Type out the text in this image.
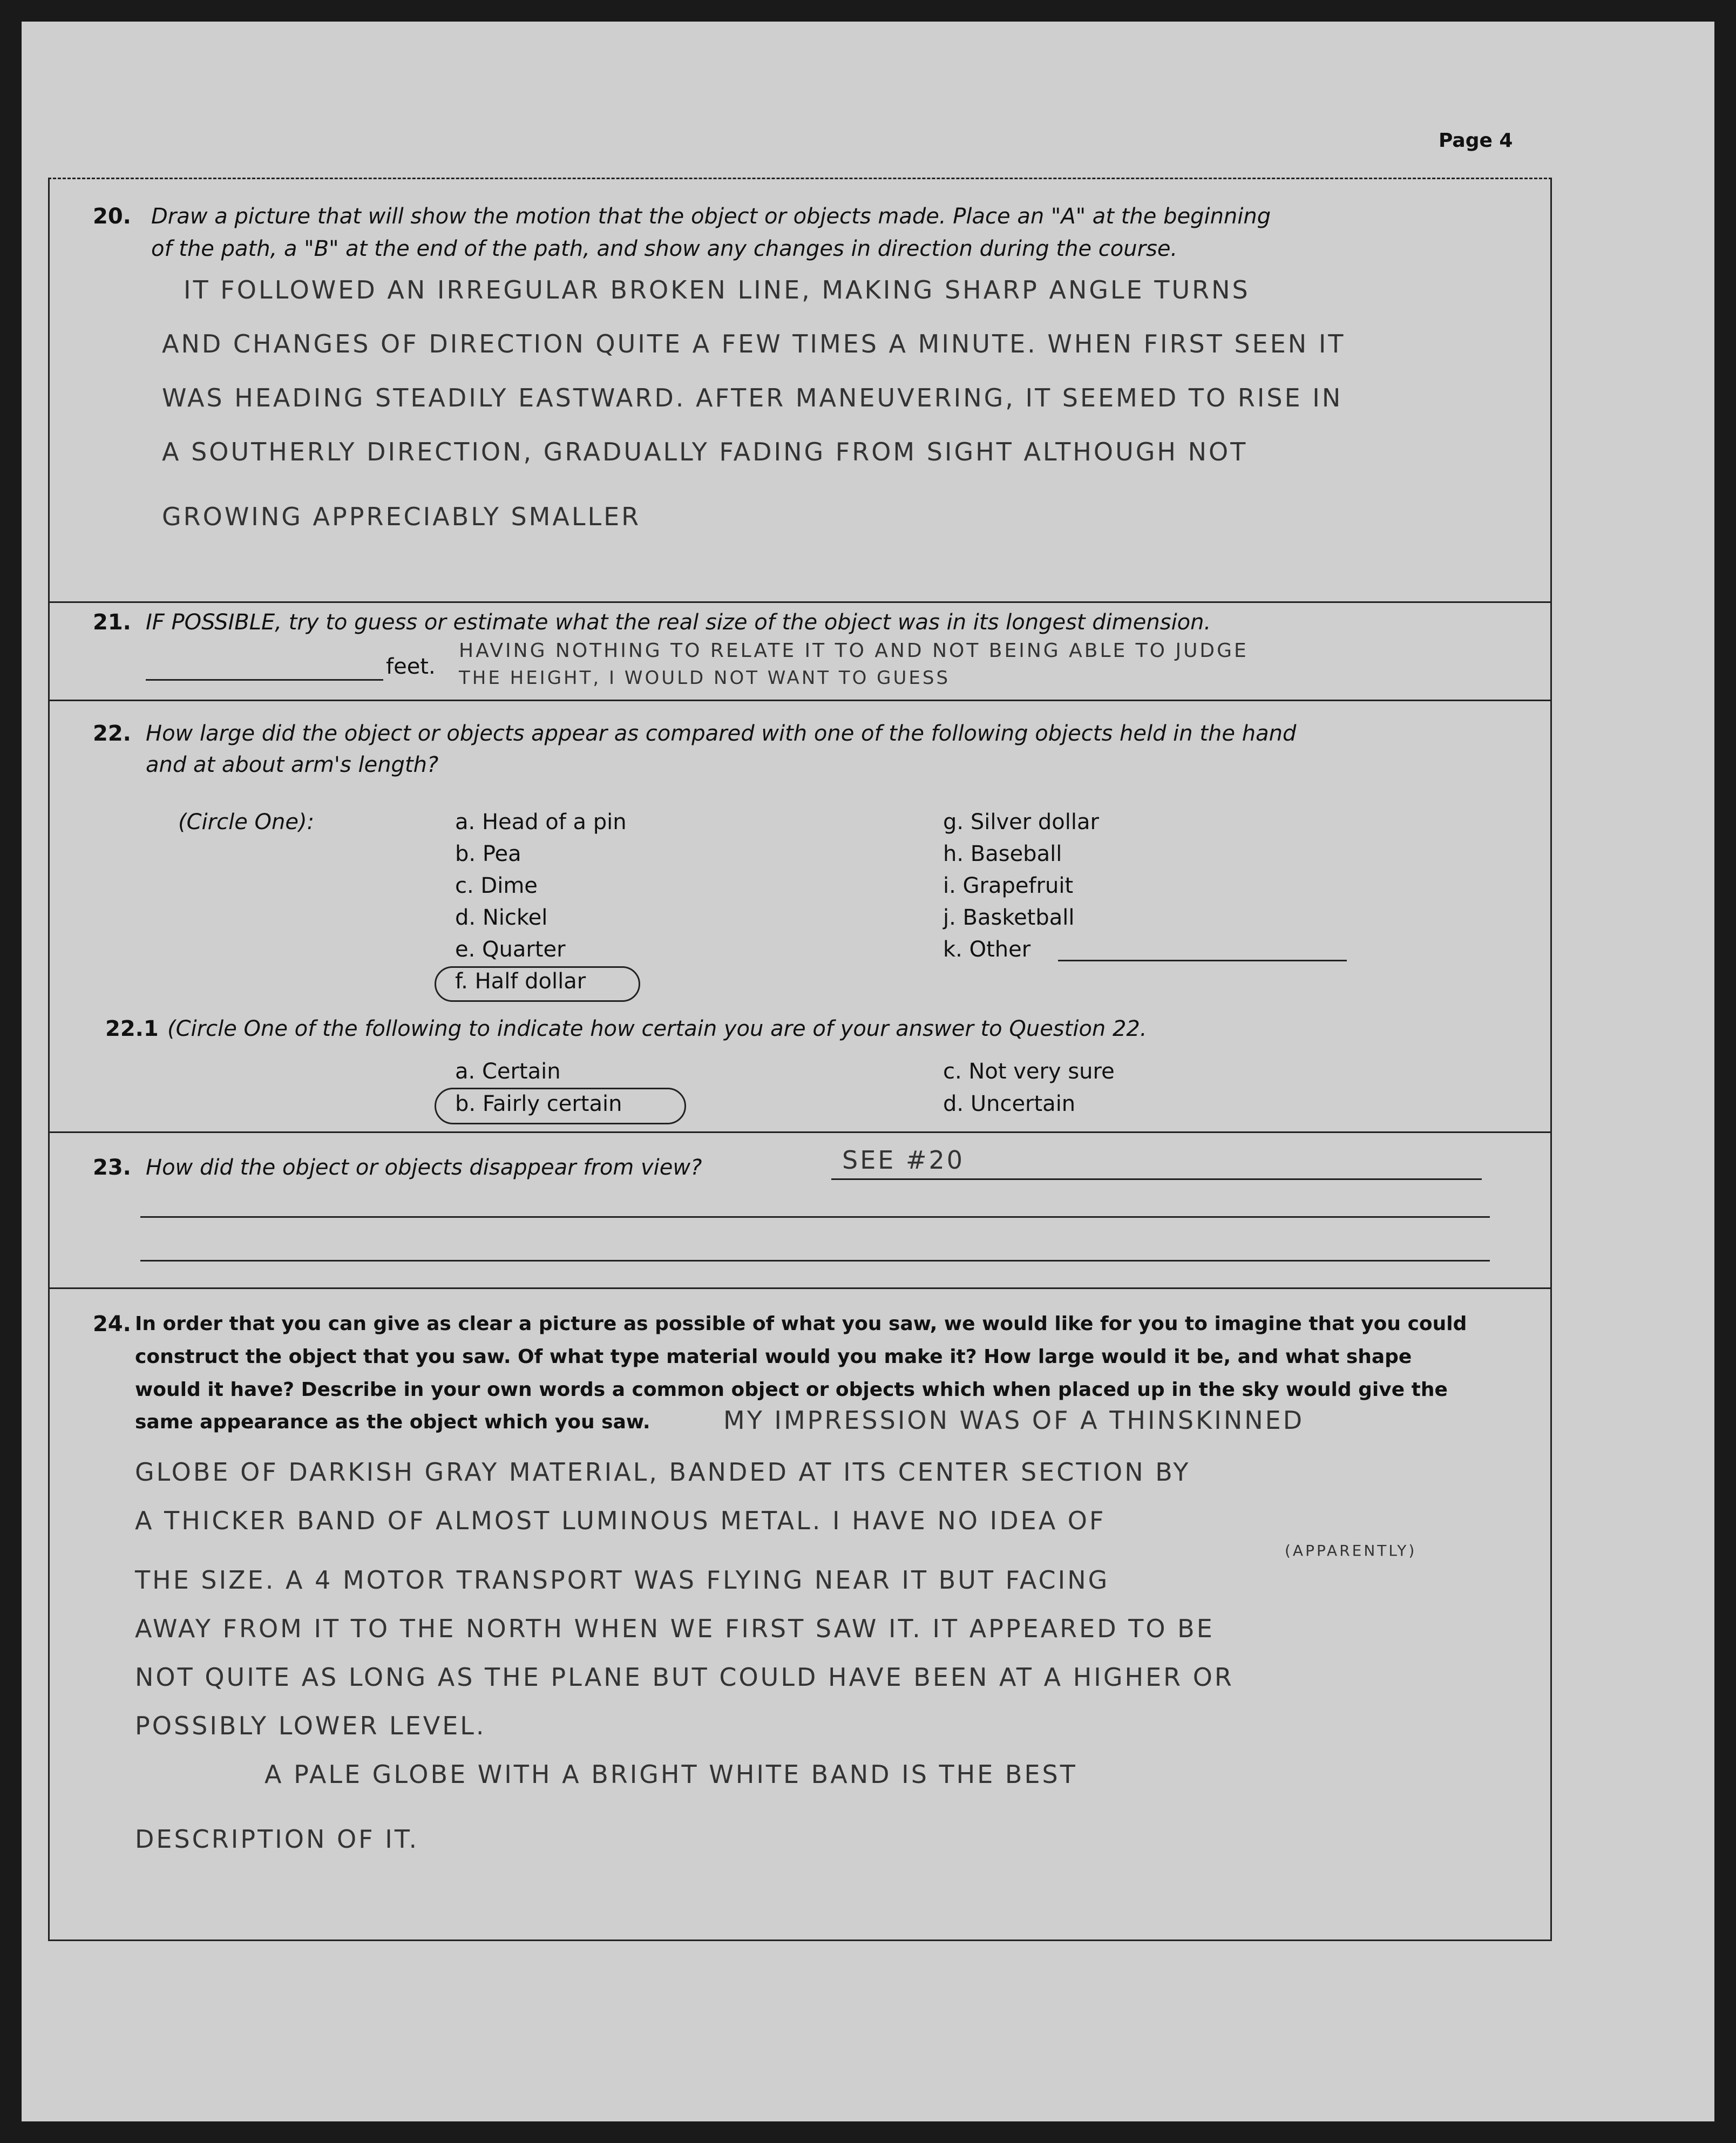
Page 4
20. Draw a picture that will show the motion that the object or objects made. Place an "A" at the beginning
of the path, a "B" at the end of the path, and show any changes in direction during the course.
IT FOLLOWED AN IRREGULAR BROKEN LINE, MAKING SHARP ANGLE TURNS
AND CHANGES OF DIRECTION QUITE A FEW TIMES A MINUTE. WHEN FIRST SEEN IT
WAS HEADING STEADILY EASTWARD. AFTER MANEUVERING, IT SEEMED TO RISE IN
A SOUTHERLY DIRECTION, GRADUALLY FADING FROM SIGHT ALTHOUGH NOT
GROWING APPRECIABLY SMALLER
21. IF POSSIBLE, try to guess or estimate what the real size of the object was in its longest dimension.
feet.
HAVING NOTHING TO RELATE IT TO AND NOT BEING ABLE TO JUDGE
THE HEIGHT, I WOULD NOT WANT TO GUESS
22. How large did the object or objects appear as compared with one of the following objects held in the hand
and at about arm's length?
(Circle One):	a. Head of a pin
b. Pea
c. Dime
d. Nickel
e. Quarter
f. Half dollar
g. Silver dollar
h. Baseball
i. Grapefruit
j. Basketball
k. Other
22.1 (Circle One of the following to indicate how certain you are of your answer to Question 22.
a. Certain
b. Fairly certain
c. Not very sure
d. Uncertain
23. How did the object or objects disappear from view?	SEE #20
24. In order that you can give as clear a picture as possible of what you saw, we would like for you to imagine that you could
construct the object that you saw. Of what type material would you make it? How large would it be, and what shape
would it have? Describe in your own words a common object or objects which when placed up in the sky would give the
same appearance as the object which you saw.	MY IMPRESSION WAS OF A THINSKINNED
GLOBE OF DARKISH GRAY MATERIAL, BANDED AT ITS CENTER SECTION BY
A THICKER BAND OF ALMOST LUMINOUS METAL. I HAVE NO IDEA OF
(APPARENTLY)
THE SIZE. A 4 MOTOR TRANSPORT WAS FLYING NEAR IT BUT FACING
AWAY FROM IT TO THE NORTH WHEN WE FIRST SAW IT. IT APPEARED TO BE
NOT QUITE AS LONG AS THE PLANE BUT COULD HAVE BEEN AT A HIGHER OR
POSSIBLY LOWER LEVEL.
A PALE GLOBE WITH A BRIGHT WHITE BAND IS THE BEST
DESCRIPTION OF IT.
